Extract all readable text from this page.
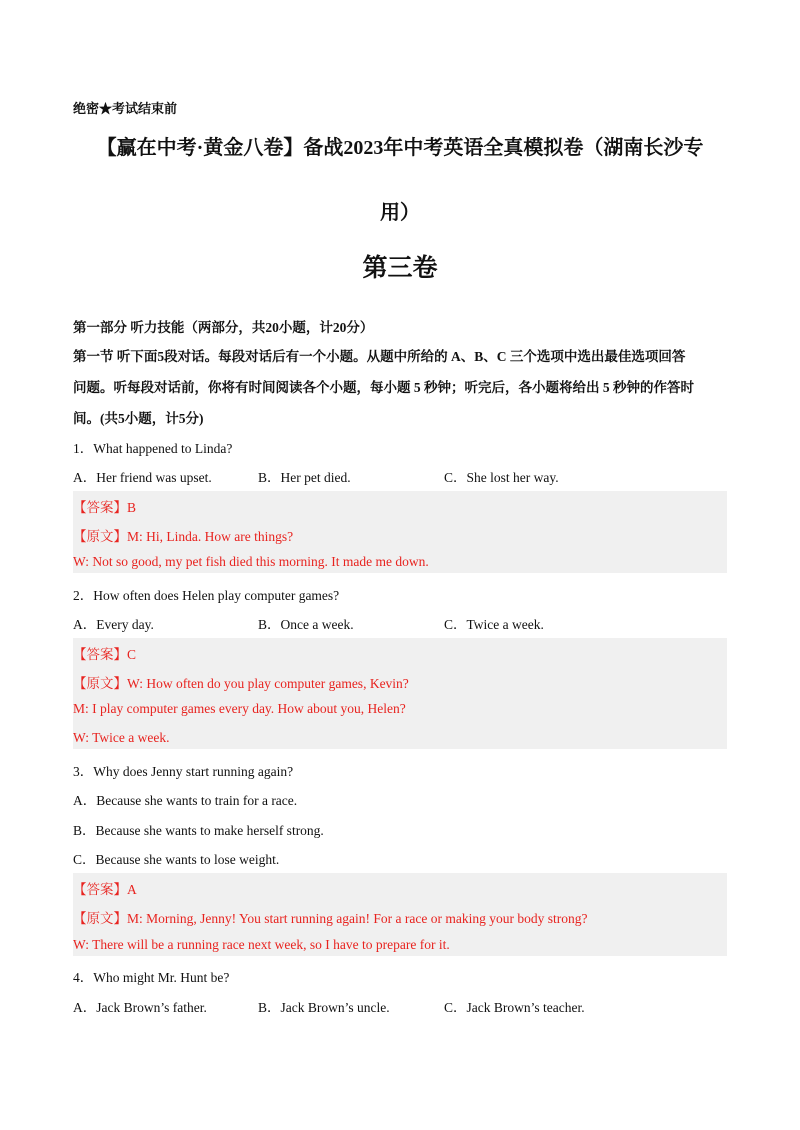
绝密★考试结束前
【赢在中考·黄金八卷】备战2023年中考英语全真模拟卷（湖南长沙专
用）
第三卷
第一部分 听力技能（两部分，共20小题，计20分）
第一节 听下面5段对话。每段对话后有一个小题。从题中所给的 A、B、C 三个选项中选出最佳选项回答
问题。听每段对话前，你将有时间阅读各个小题，每小题 5 秒钟；听完后，各小题将给出 5 秒钟的作答时
间。(共5小题，计5分)
1．What happened to Linda?
A．Her friend was upset.	B．Her pet died.	C．She lost her way.
【答案】B
【原文】M: Hi, Linda. How are things?
W: Not so good, my pet fish died this morning. It made me down.
2．How often does Helen play computer games?
A．Every day.	B．Once a week.	C．Twice a week.
【答案】C
【原文】W: How often do you play computer games, Kevin?
M: I play computer games every day. How about you, Helen?
W: Twice a week.
3．Why does Jenny start running again?
A．Because she wants to train for a race.
B．Because she wants to make herself strong.
C．Because she wants to lose weight.
【答案】A
【原文】M: Morning, Jenny! You start running again! For a race or making your body strong?
W: There will be a running race next week, so I have to prepare for it.
4．Who might Mr. Hunt be?
A．Jack Brown’s father.	B．Jack Brown’s uncle.	C．Jack Brown’s teacher.
